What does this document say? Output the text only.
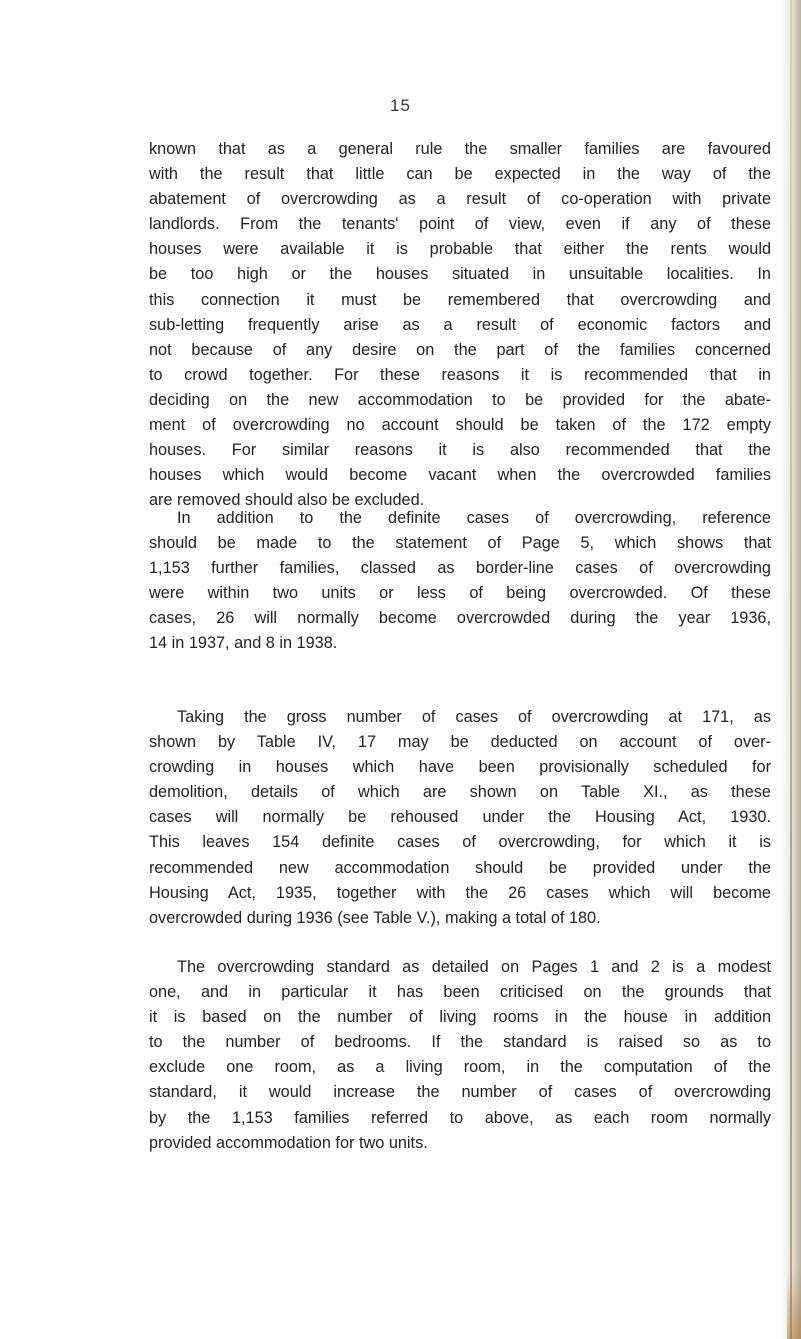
15
known that as a general rule the smaller families are favoured
with the result that little can be expected in the way of the
abatement of overcrowding as a result of co-operation with private
landlords. From the tenants' point of view, even if any of these
houses were available it is probable that either the rents would
be too high or the houses situated in unsuitable localities. In
this connection it must be remembered that overcrowding and
sub-letting frequently arise as a result of economic factors and
not because of any desire on the part of the families concerned
to crowd together. For these reasons it is recommended that in
deciding on the new accommodation to be provided for the abate-
ment of overcrowding no account should be taken of the 172 empty
houses. For similar reasons it is also recommended that the
houses which would become vacant when the overcrowded families
are removed should also be excluded.
In addition to the definite cases of overcrowding, reference
should be made to the statement of Page 5, which shows that
1,153 further families, classed as border-line cases of overcrowding
were within two units or less of being overcrowded. Of these
cases, 26 will normally become overcrowded during the year 1936,
14 in 1937, and 8 in 1938.
Taking the gross number of cases of overcrowding at 171, as
shown by Table IV, 17 may be deducted on account of over-
crowding in houses which have been provisionally scheduled for
demolition, details of which are shown on Table XI., as these
cases will normally be rehoused under the Housing Act, 1930.
This leaves 154 definite cases of overcrowding, for which it is
recommended new accommodation should be provided under the
Housing Act, 1935, together with the 26 cases which will become
overcrowded during 1936 (see Table V.), making a total of 180.
The overcrowding standard as detailed on Pages 1 and 2 is a modest
one, and in particular it has been criticised on the grounds that
it is based on the number of living rooms in the house in addition
to the number of bedrooms. If the standard is raised so as to
exclude one room, as a living room, in the computation of the
standard, it would increase the number of cases of overcrowding
by the 1,153 families referred to above, as each room normally
provided accommodation for two units.
